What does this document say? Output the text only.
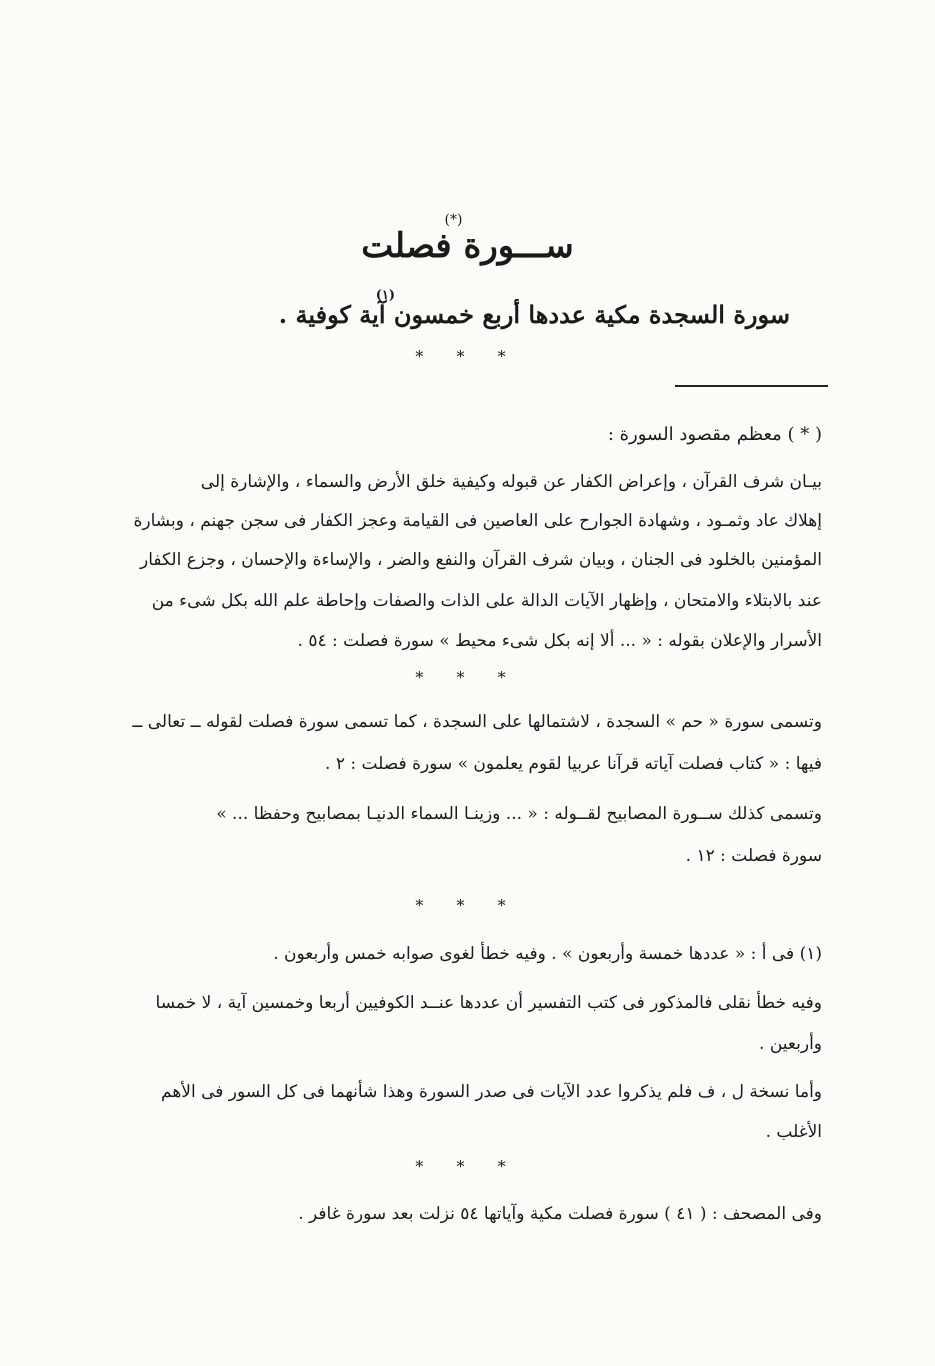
(*)
ســـورة فصلت
سورة السجدة مكية عددها أربع خمسون آية كوفية .
(١)
* * *
( * ) معظم مقصود السورة :
بيـان شرف القرآن ، وإعراض الكفار عن قبوله وكيفية خلق الأرض والسماء ، والإشارة إلى
إهلاك عاد وثمـود ، وشهادة الجوارح على العاصين فى القيامة وعجز الكفار فى سجن جهنم ، وبشارة
المؤمنين بالخلود فى الجنان ، وبيان شرف القرآن والنفع والضر ، والإساءة والإحسان ، وجزع الكفار
عند بالابتلاء والامتحان ، وإظهار الآيات الدالة على الذات والصفات وإحاطة علم الله بكل شىء من
الأسرار والإعلان بقوله : « ... ألا إنه بكل شىء محيط » سورة فصلت : ٥٤ .
* * *
وتسمى سورة « حم » السجدة ، لاشتمالها على السجدة ، كما تسمى سورة فصلت لقوله ــ تعالى ــ
فيها : « كتاب فصلت آياته قرآنا عربيا لقوم يعلمون » سورة فصلت : ٢ .
وتسمى كذلك ســورة المصابيح لقــوله : « ... وزينـا السماء الدنيـا بمصابيح وحفظا ... »
سورة فصلت : ١٢ .
* * *
(١) فى أ : « عددها خمسة وأربعون » . وفيه خطأ لغوى صوابه خمس وأربعون .
وفيه خطأ نقلى فالمذكور فى كتب التفسير أن عددها عنــد الكوفيين أربعا وخمسين آية ، لا خمسا
وأربعين .
وأما نسخة ل ، ف فلم يذكروا عدد الآيات فى صدر السورة وهذا شأنهما فى كل السور فى الأهم
الأغلب .
* * *
وفى المصحف : ( ٤١ ) سورة فصلت مكية وآياتها ٥٤ نزلت بعد سورة غافر .
